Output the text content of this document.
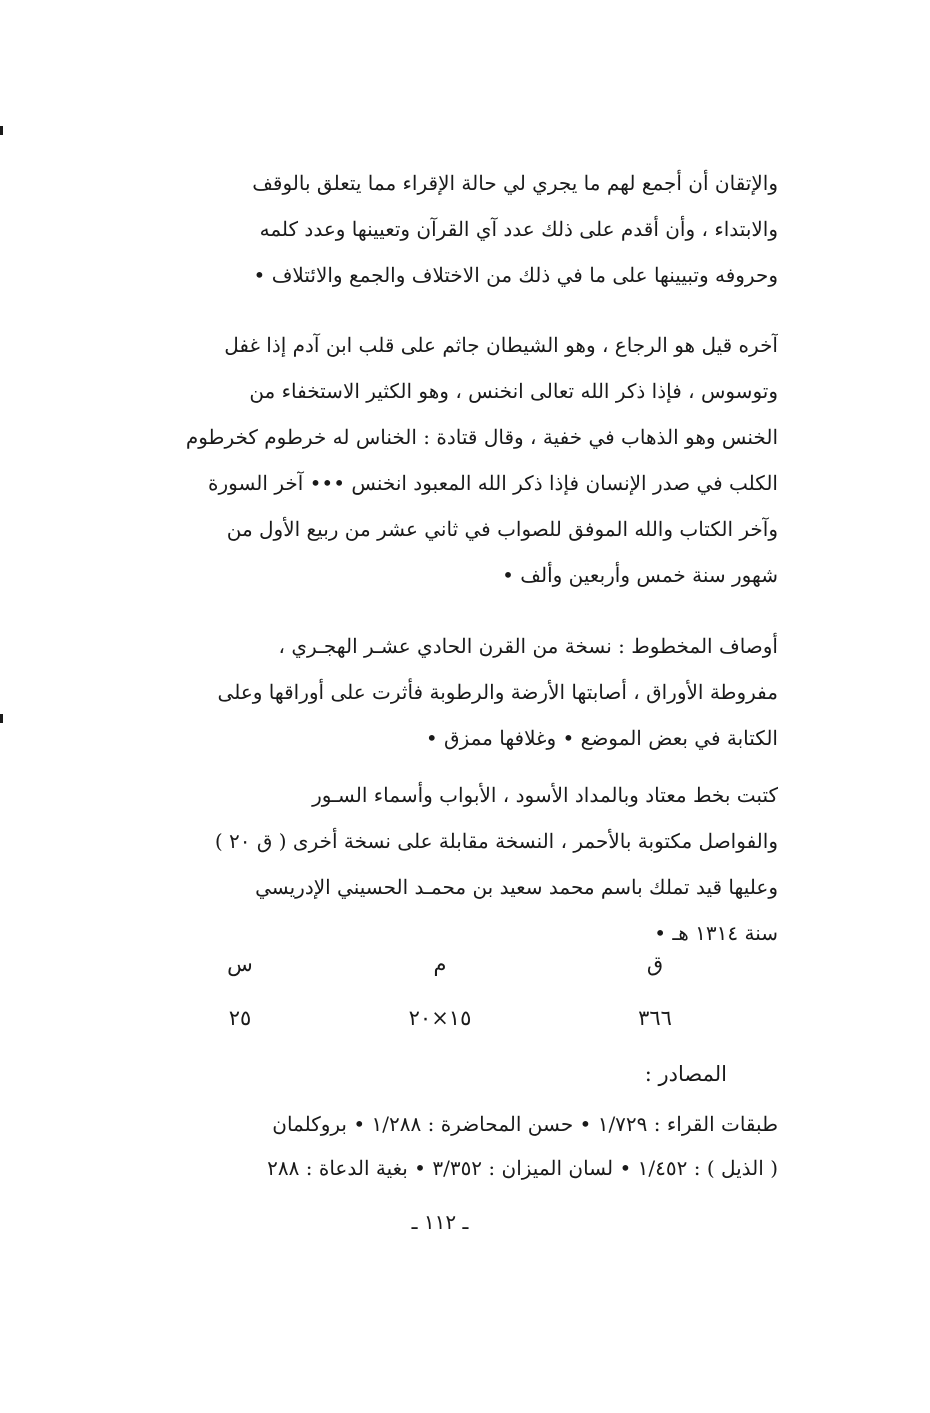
والإتقان أن أجمع لهم ما يجري لي حالة الإقراء مما يتعلق بالوقف
والابتداء ، وأن أقدم على ذلك عدد آي القرآن وتعيينها وعدد كلمه
وحروفه وتبيينها على ما في ذلك من الاختلاف والجمع والائتلاف •
آخره قيل هو الرجاع ، وهو الشيطان جاثم على قلب ابن آدم إذا غفل
وتوسوس ، فإذا ذكر الله تعالى انخنس ، وهو الكثير الاستخفاء من
الخنس وهو الذهاب في خفية ، وقال قتادة : الخناس له خرطوم كخرطوم
الكلب في صدر الإنسان فإذا ذكر الله المعبود انخنس ••• آخر السورة
وآخر الكتاب والله الموفق للصواب في ثاني عشر من ربيع الأول من
شهور سنة خمس وأربعين وألف •
أوصاف المخطوط : نسخة من القرن الحادي عشـر الهجـري ،
مفروطة الأوراق ، أصابتها الأرضة والرطوبة فأثرت على أوراقها وعلى
الكتابة في بعض الموضع • وغلافها ممزق •
كتبت بخط معتاد وبالمداد الأسود ، الأبواب وأسماء السـور
والفواصل مكتوبة بالأحمر ، النسخة مقابلة على نسخة أخرى ( ق ٢٠ )
وعليها قيد تملك باسم محمد سعيد بن محمـد الحسيني الإدريسي
سنة ١٣١٤ هـ •
ق
م
س
٣٦٦
١٥×٢٠
٢٥
المصادر :
طبقات القراء : ١/٧٢٩ • حسن المحاضرة : ١/٢٨٨ • بروكلمان
( الذيل ) : ١/٤٥٢ • لسان الميزان : ٣/٣٥٢ • بغية الدعاة : ٢٨٨
ـ ١١٢ ـ
